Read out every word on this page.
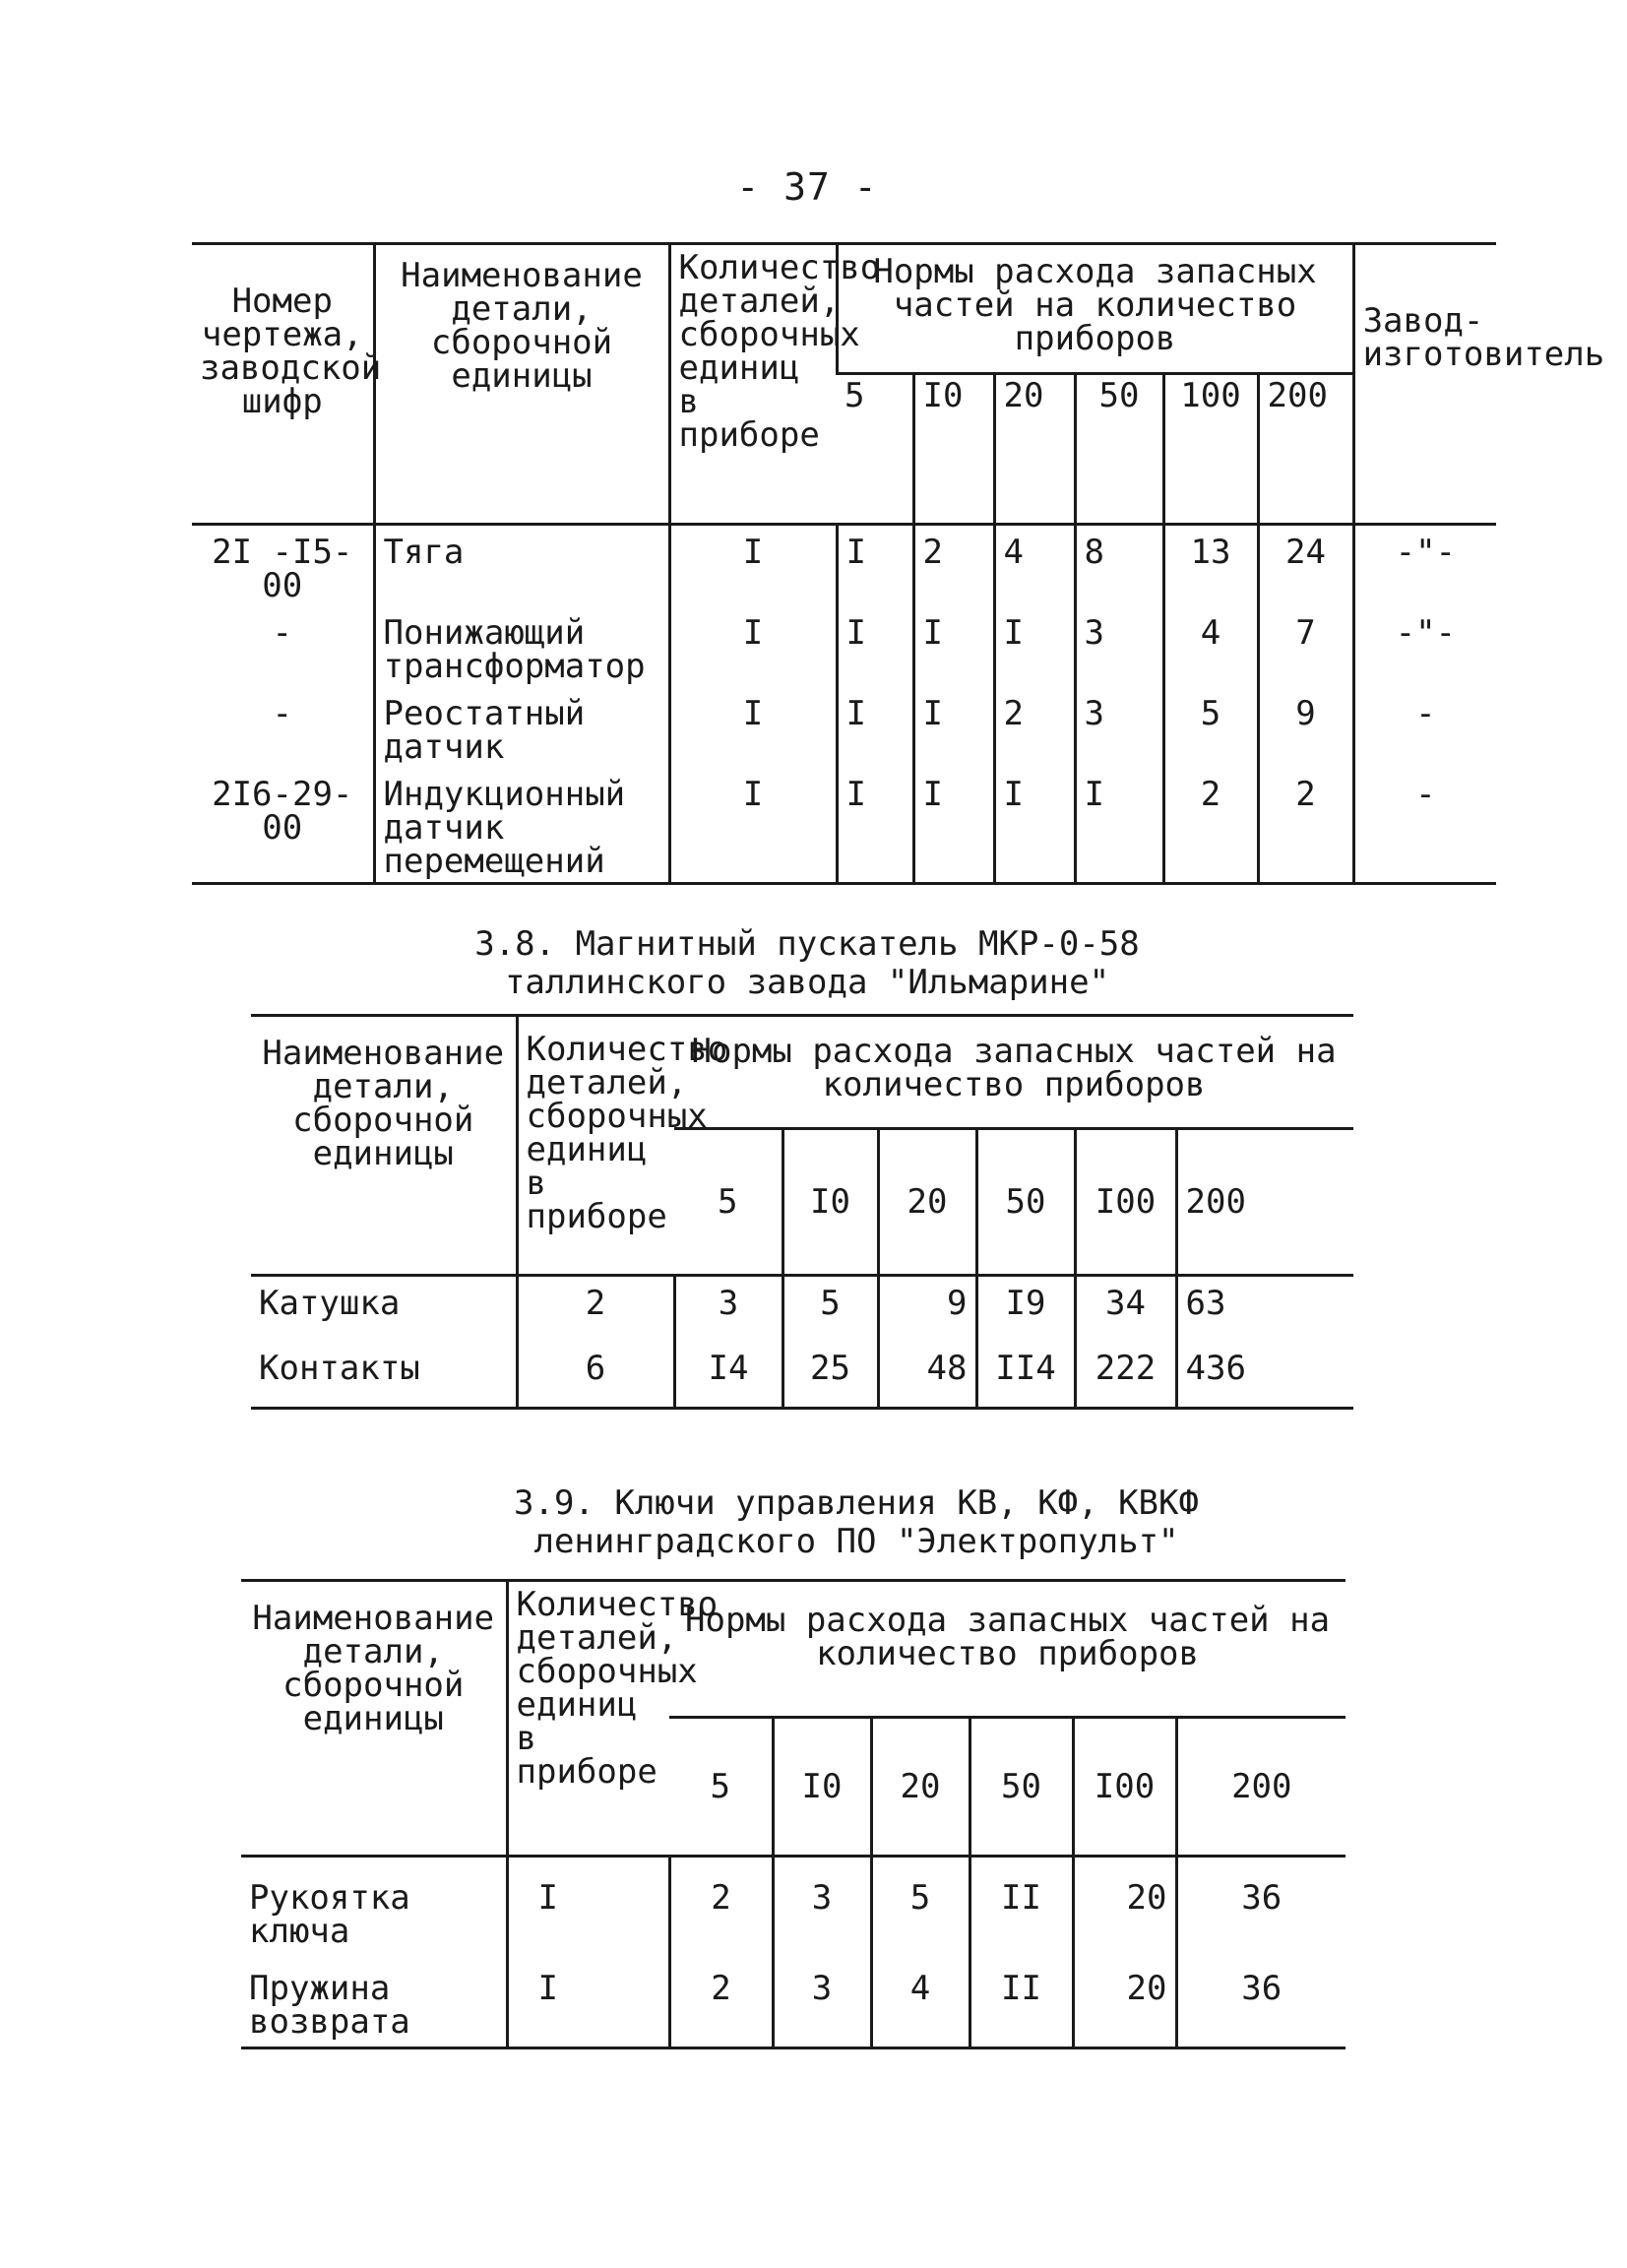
- 37 -
Номер чертежа, заводской шифр	Наименование детали, сборочной единицы	Количество деталей, сборочных единиц в приборе	Нормы расхода запасных частей на количество приборов						Завод- изготовитель
			5	I0	20	50	100	200	
2I -I5-00	Тяга	I	I	2	4	8	13	24	-"-
-	Понижающий трансформатор	I	I	I	I	3	4	7	-"-
-	Реостатный датчик	I	I	I	2	3	5	9	-
2I6-29-00	Индукционный датчик перемещений	I	I	I	I	I	2	2	-
3.8. Магнитный пускатель МКР-0-58
таллинского завода "Ильмарине"
Наименование детали, сборочной единицы	Количество деталей, сборочных единиц в приборе	Нормы расхода запасных частей на количество приборов					
		5	I0	20	50	I00	200
Катушка	2	3	5	9	I9	34	63
Контакты	6	I4	25	48	II4	222	436
3.9. Ключи управления КВ, КФ, КВКФ
ленинградского ПО "Электропульт"
Наименование детали, сборочной единицы	Количество деталей, сборочных единиц в приборе	Нормы расхода запасных частей на количество приборов					
		5	I0	20	50	I00	200
Рукоятка ключа	I	2	3	5	II	20	36
Пружина возврата	I	2	3	4	II	20	36
